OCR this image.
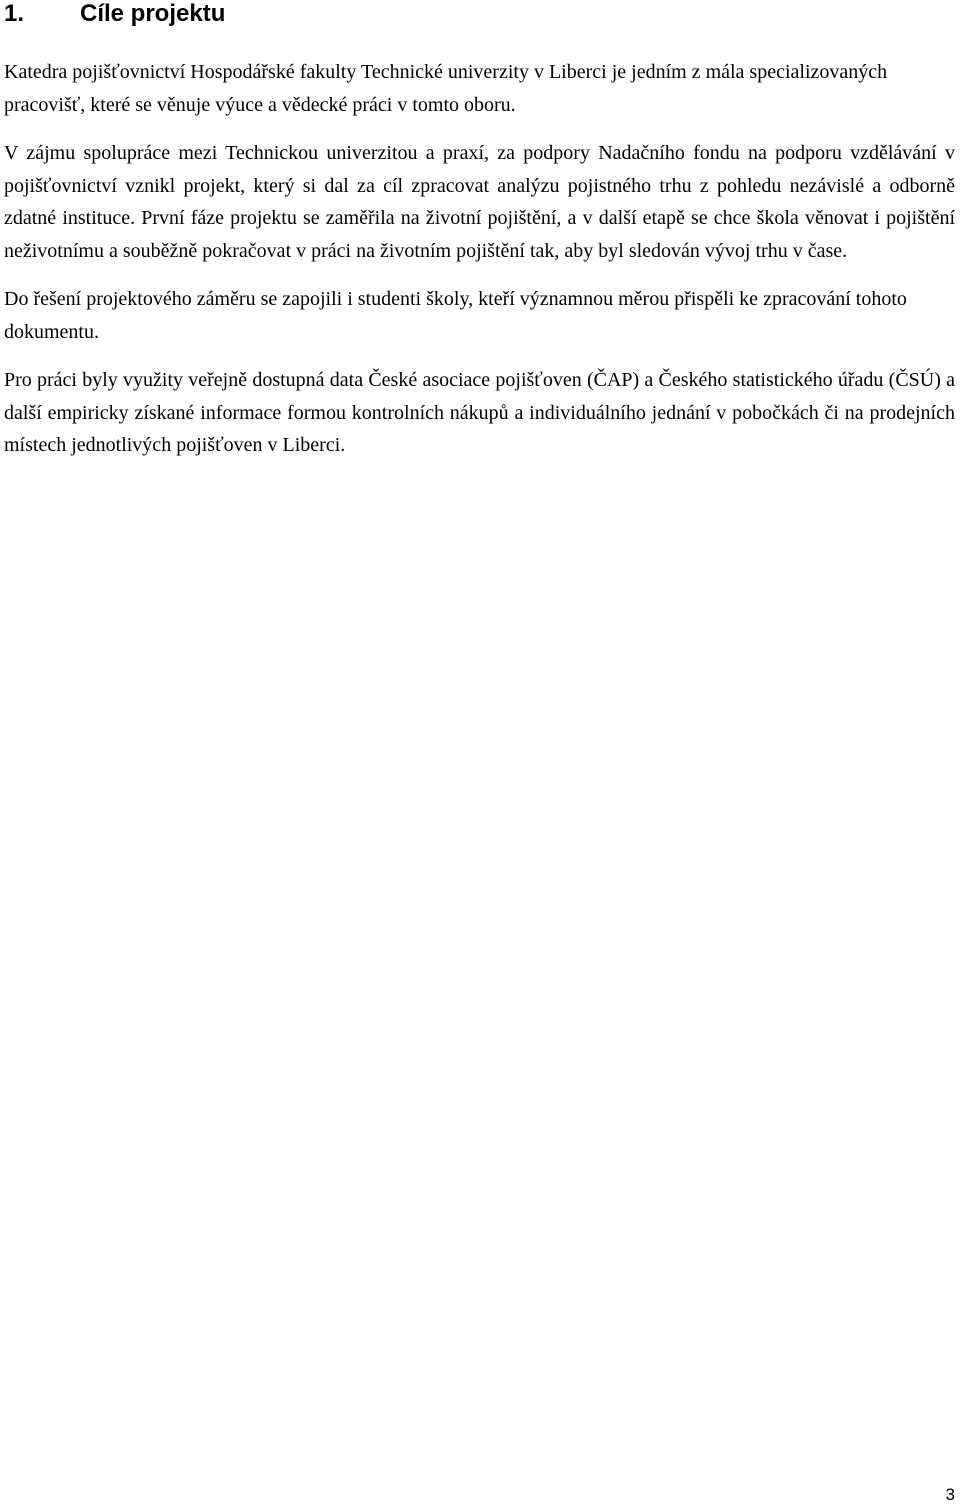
1. Cíle projektu

Katedra pojišťovnictví Hospodářské fakulty Technické univerzity v Liberci je jedním z mála specializovaných pracovišť, které se věnuje výuce a vědecké práci v tomto oboru.

V zájmu spolupráce mezi Technickou univerzitou a praxí, za podpory Nadačního fondu na podporu vzdělávání v pojišťovnictví vznikl projekt, který si dal za cíl zpracovat analýzu pojistného trhu z pohledu nezávislé a odborně zdatné instituce. První fáze projektu se zaměřila na životní pojištění, a v další etapě se chce škola věnovat i pojištění neživotnímu a souběžně pokračovat v práci na životním pojištění tak, aby byl sledován vývoj trhu v čase.

Do řešení projektového záměru se zapojili i studenti školy, kteří významnou měrou přispěli ke zpracování tohoto dokumentu.

Pro práci byly využity veřejně dostupná data České asociace pojišťoven (ČAP) a Českého statistického úřadu (ČSÚ) a další empiricky získané informace formou kontrolních nákupů a individuálního jednání v pobočkách či na prodejních místech jednotlivých pojišťoven v Liberci.

3
